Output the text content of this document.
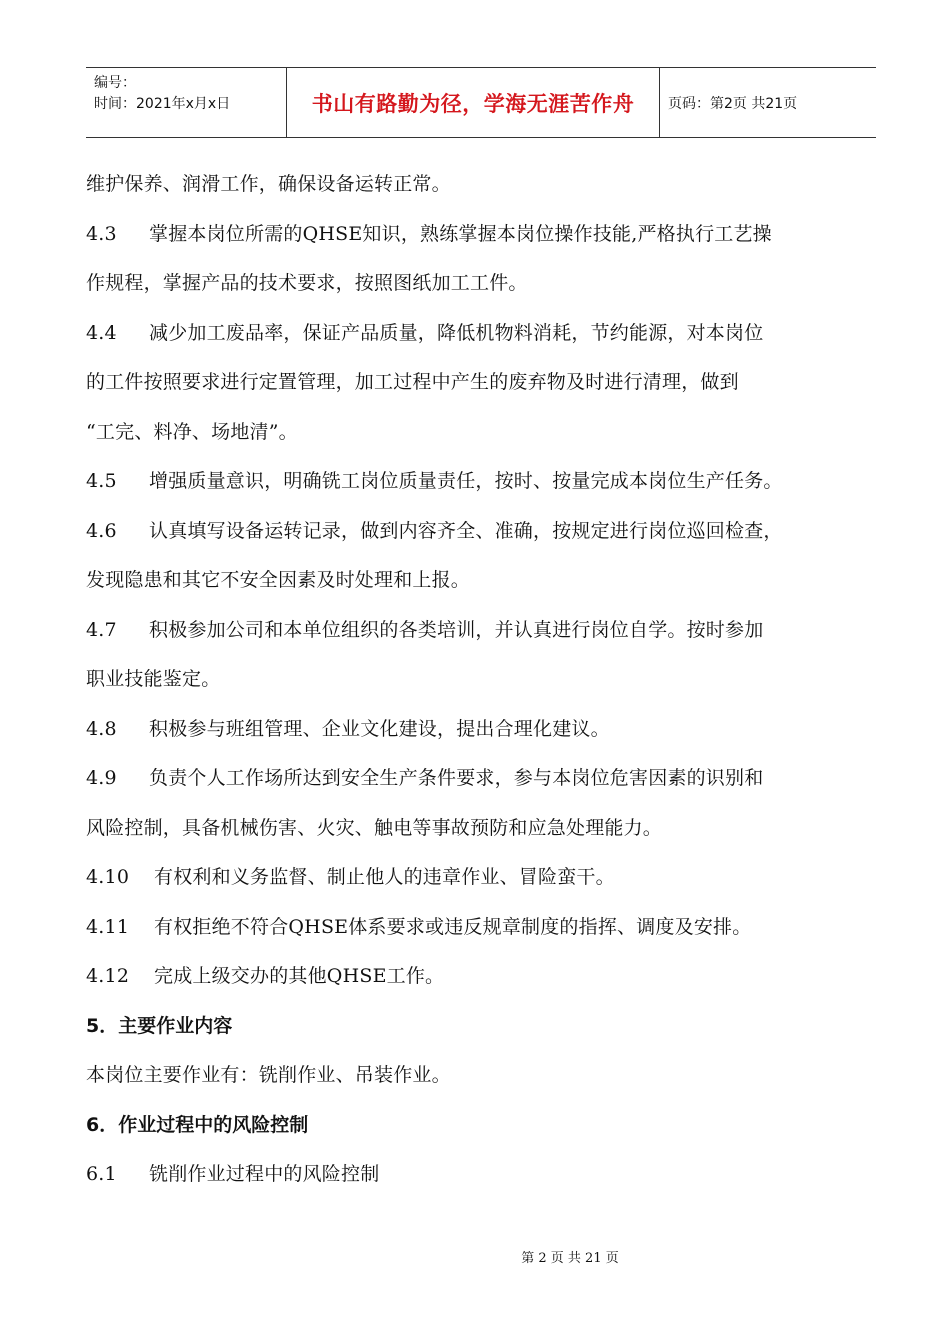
编号：
时间：2021年x月x日	书山有路勤为径，学海无涯苦作舟	页码：第2页 共21页

维护保养、润滑工作，确保设备运转正常。

4.3 掌握本岗位所需的QHSE知识，熟练掌握本岗位操作技能,严格执行工艺操

作规程，掌握产品的技术要求，按照图纸加工工件。

4.4 减少加工废品率，保证产品质量，降低机物料消耗，节约能源，对本岗位

的工件按照要求进行定置管理，加工过程中产生的废弃物及时进行清理，做到

“工完、料净、场地清”。

4.5 增强质量意识，明确铣工岗位质量责任，按时、按量完成本岗位生产任务。

4.6 认真填写设备运转记录，做到内容齐全、准确，按规定进行岗位巡回检查，

发现隐患和其它不安全因素及时处理和上报。

4.7 积极参加公司和本单位组织的各类培训，并认真进行岗位自学。按时参加

职业技能鉴定。

4.8 积极参与班组管理、企业文化建设，提出合理化建议。

4.9 负责个人工作场所达到安全生产条件要求，参与本岗位危害因素的识别和

风险控制，具备机械伤害、火灾、触电等事故预防和应急处理能力。

4.10 有权利和义务监督、制止他人的违章作业、冒险蛮干。

4.11 有权拒绝不符合QHSE体系要求或违反规章制度的指挥、调度及安排。

4.12 完成上级交办的其他QHSE工作。

5．主要作业内容

本岗位主要作业有：铣削作业、吊装作业。

6．作业过程中的风险控制

6.1 铣削作业过程中的风险控制

第 2 页 共 21 页
